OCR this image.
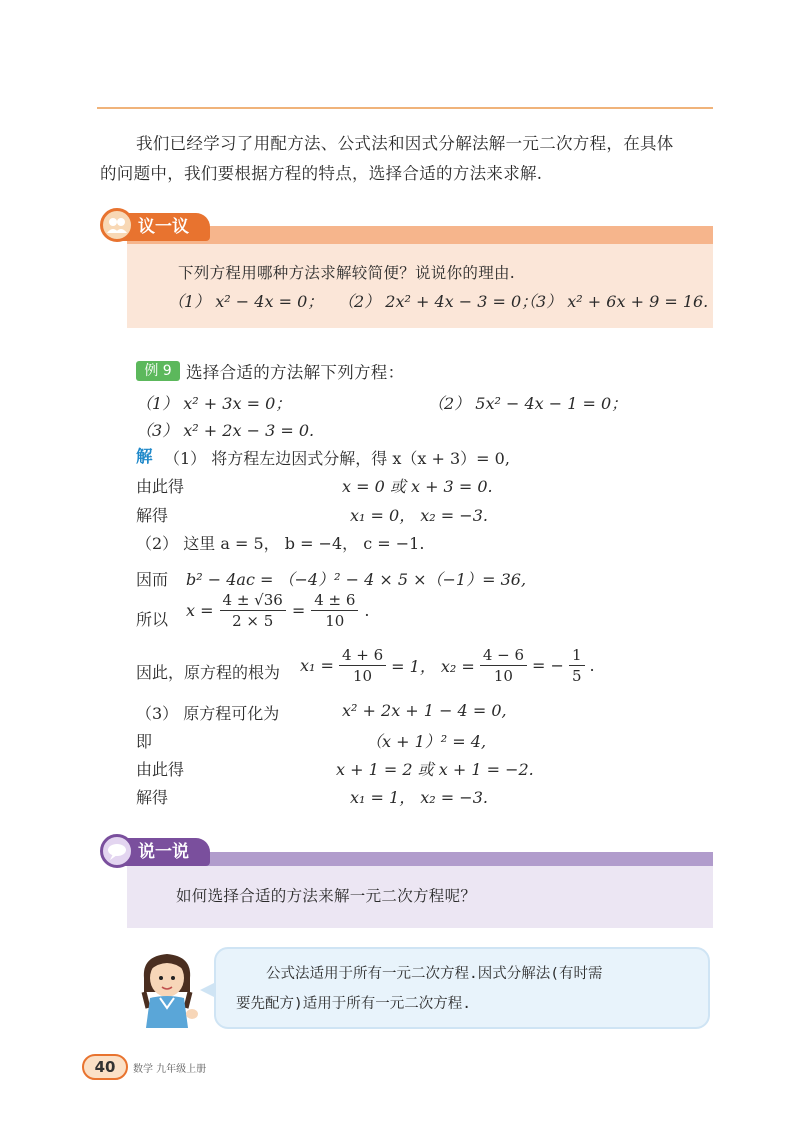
我们已经学习了用配方法、公式法和因式分解法解一元二次方程，在具体
的问题中，我们要根据方程的特点，选择合适的方法来求解.
议一议
下列方程用哪种方法求解较简便？说说你的理由.
（1） x² − 4x = 0； （2） 2x² + 4x − 3 = 0；
（3） x² + 6x + 9 = 16.
例 9 选择合适的方法解下列方程：
（1） x² + 3x = 0；	（2） 5x² − 4x − 1 = 0；
（3） x² + 2x − 3 = 0.
解 （1） 将方程左边因式分解，得 x（x + 3）= 0,
由此得	x = 0 或 x + 3 = 0.
解得	x₁ = 0， x₂ = −3.
（2） 这里 a = 5， b = −4， c = −1.
因而 b² − 4ac = （−4）² − 4 × 5 ×（−1）= 36,
所以 $x = \frac{4 \pm √36}{2 \times 5} = \frac{4 \pm 6}{10}$ .
因此，原方程的根为 $x_1 = \frac{4 + 6}{10} = 1$， $x_2 = \frac{4 - 6}{10}$ = − $\frac{1}{5}$ .
（3） 原方程可化为	x² + 2x + 1 − 4 = 0,
即	（x + 1）² = 4,
由此得	x + 1 = 2 或 x + 1 = −2.
解得	x₁ = 1， x₂ = −3.
说一说
如何选择合适的方法来解一元二次方程呢？
公式法适用于所有一元二次方程.因式分解法(有时需
要先配方)适用于所有一元二次方程.
40	数学 九年级上册
